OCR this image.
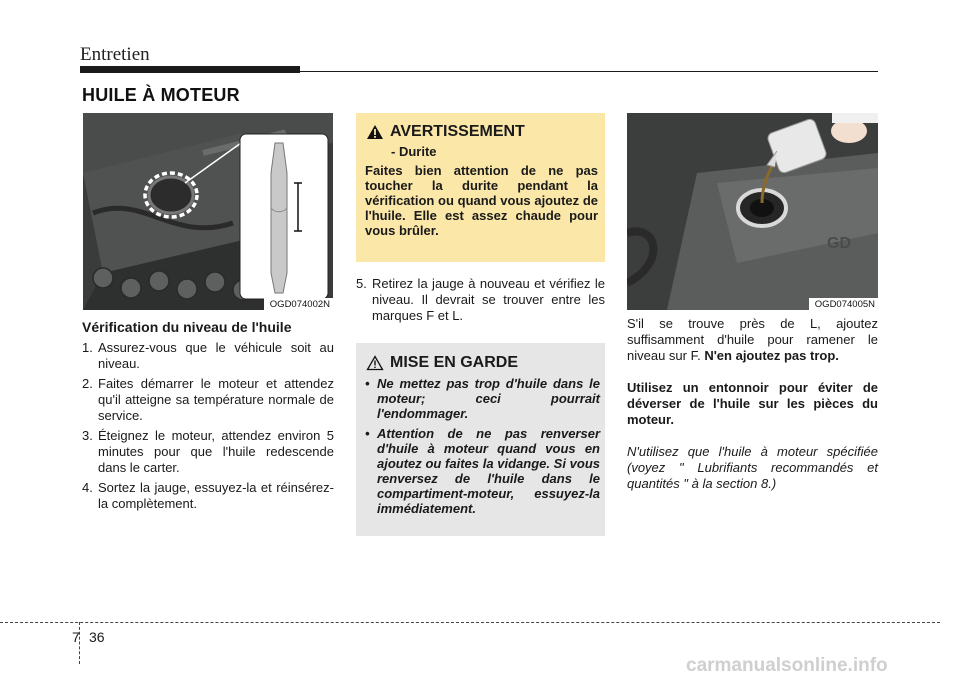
Entretien
HUILE À MOTEUR
OGD074002N
Vérification du niveau de l'huile
1. Assurez-vous que le véhicule soit au niveau.
2. Faites démarrer le moteur et attendez qu'il atteigne sa température normale de service.
3. Éteignez le moteur, attendez environ 5 minutes pour que l'huile redescende dans le carter.
4. Sortez la jauge, essuyez-la et réinsérez-la complètement.
AVERTISSEMENT
- Durite
Faites bien attention de ne pas toucher la durite pendant la vérification ou quand vous ajoutez de l'huile. Elle est assez chaude pour vous brûler.
5. Retirez la jauge à nouveau et vérifiez le niveau. Il devrait se trouver entre les marques F et L.
MISE EN GARDE
• Ne mettez pas trop d'huile dans le moteur; ceci pourrait l'endommager.
• Attention de ne pas renverser d'huile à moteur quand vous en ajoutez ou faites la vidange. Si vous renversez de l'huile dans le compartiment-moteur, essuyez-la immédiatement.
GD
OGD074005N

S'il se trouve près de L, ajoutez suffisamment d'huile pour ramener le niveau sur F. N'en ajoutez pas trop.

Utilisez un entonnoir pour éviter de déverser de l'huile sur les pièces du moteur.

N'utilisez que l'huile à moteur spécifiée (voyez " Lubrifiants recommandés et quantités " à la section 8.)

7 36
carmanualsonline.info
